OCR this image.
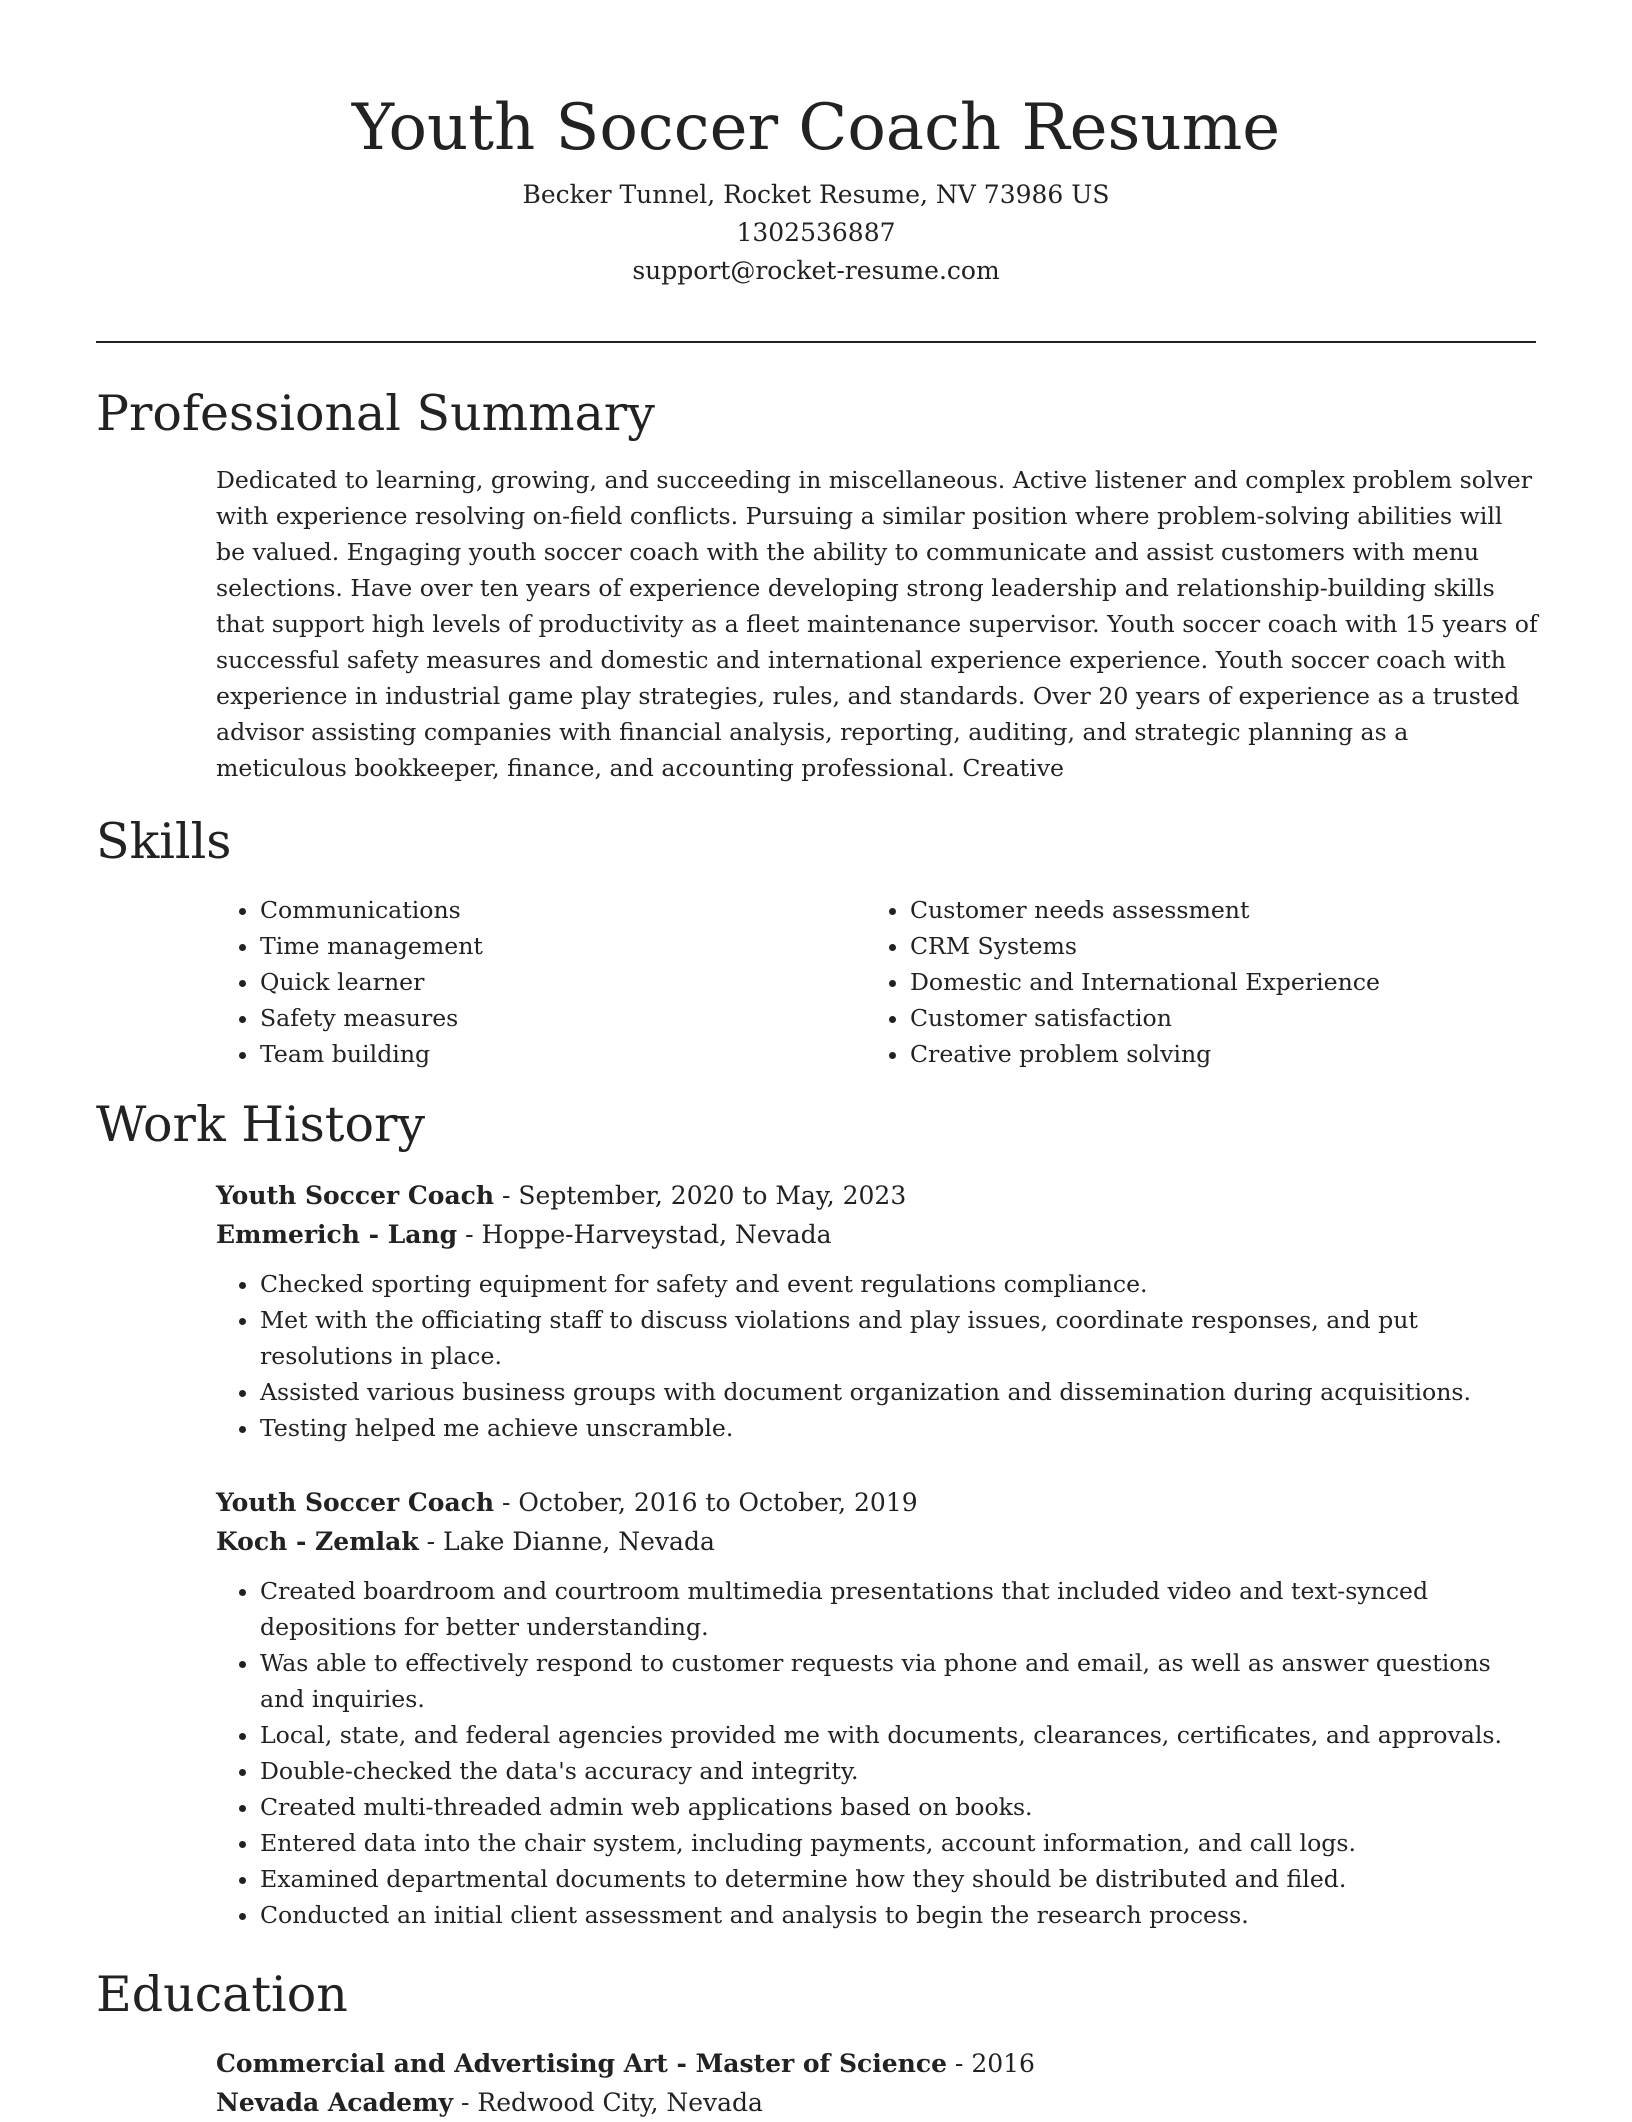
Youth Soccer Coach Resume

Becker Tunnel, Rocket Resume, NV 73986 US

1302536887

support@rocket-resume.com

Professional Summary

Dedicated to learning, growing, and succeeding in miscellaneous. Active listener and complex problem solver with experience resolving on-field conflicts. Pursuing a similar position where problem-solving abilities will be valued. Engaging youth soccer coach with the ability to communicate and assist customers with menu selections. Have over ten years of experience developing strong leadership and relationship-building skills that support high levels of productivity as a fleet maintenance supervisor. Youth soccer coach with 15 years of successful safety measures and domestic and international experience experience. Youth soccer coach with experience in industrial game play strategies, rules, and standards. Over 20 years of experience as a trusted advisor assisting companies with financial analysis, reporting, auditing, and strategic planning as a meticulous bookkeeper, finance, and accounting professional. Creative

Skills
• Communications
• Time management
• Quick learner
• Safety measures
• Team building
• Customer needs assessment
• CRM Systems
• Domestic and International Experience
• Customer satisfaction
• Creative problem solving
Work History

Youth Soccer Coach - September, 2020 to May, 2023

Emmerich - Lang - Hoppe-Harveystad, Nevada

• Checked sporting equipment for safety and event regulations compliance.
• Met with the officiating staff to discuss violations and play issues, coordinate responses, and put resolutions in place.
• Assisted various business groups with document organization and dissemination during acquisitions.
• Testing helped me achieve unscramble.

Youth Soccer Coach - October, 2016 to October, 2019

Koch - Zemlak - Lake Dianne, Nevada

• Created boardroom and courtroom multimedia presentations that included video and text-synced depositions for better understanding.
• Was able to effectively respond to customer requests via phone and email, as well as answer questions and inquiries.
• Local, state, and federal agencies provided me with documents, clearances, certificates, and approvals.
• Double-checked the data's accuracy and integrity.
• Created multi-threaded admin web applications based on books.
• Entered data into the chair system, including payments, account information, and call logs.
• Examined departmental documents to determine how they should be distributed and filed.
• Conducted an initial client assessment and analysis to begin the research process.
Education

Commercial and Advertising Art - Master of Science - 2016

Nevada Academy - Redwood City, Nevada
